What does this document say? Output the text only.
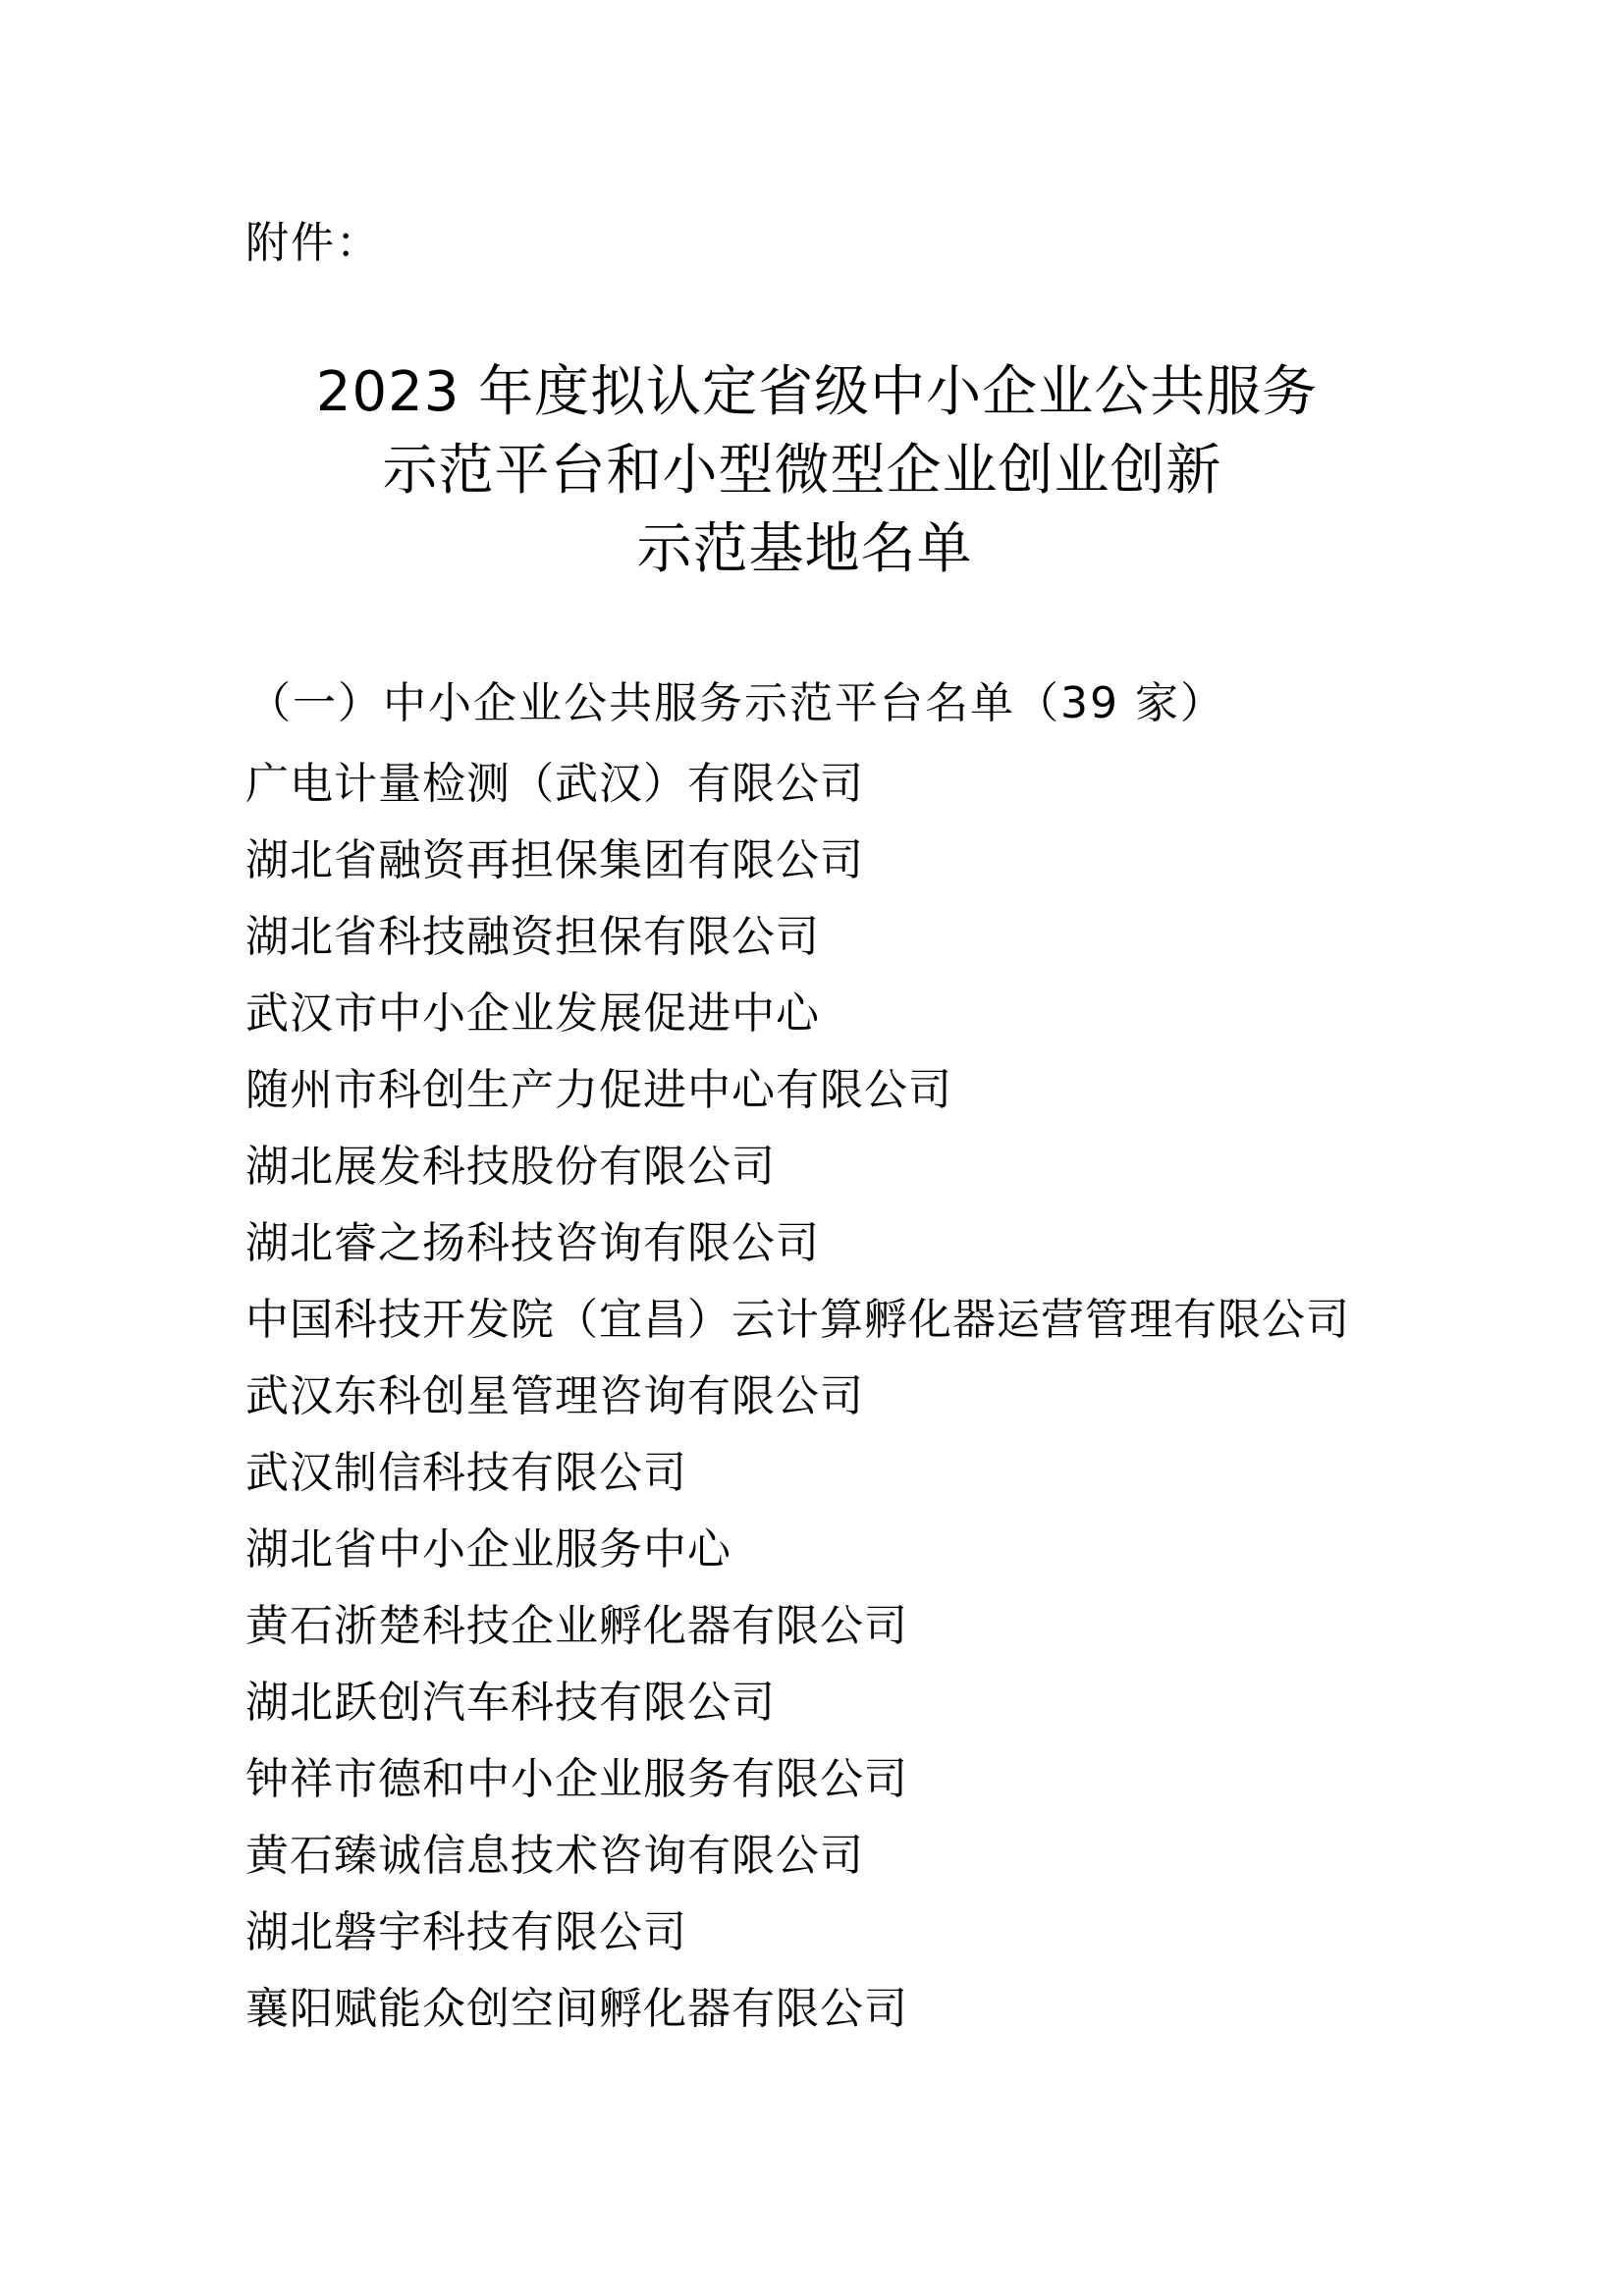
附件：
2023 年度拟认定省级中小企业公共服务
示范平台和小型微型企业创业创新
示范基地名单
（一）中小企业公共服务示范平台名单（39 家）
广电计量检测（武汉）有限公司
湖北省融资再担保集团有限公司
湖北省科技融资担保有限公司
武汉市中小企业发展促进中心
随州市科创生产力促进中心有限公司
湖北展发科技股份有限公司
湖北睿之扬科技咨询有限公司
中国科技开发院（宜昌）云计算孵化器运营管理有限公司
武汉东科创星管理咨询有限公司
武汉制信科技有限公司
湖北省中小企业服务中心
黄石浙楚科技企业孵化器有限公司
湖北跃创汽车科技有限公司
钟祥市德和中小企业服务有限公司
黄石臻诚信息技术咨询有限公司
湖北磐宇科技有限公司
襄阳赋能众创空间孵化器有限公司
